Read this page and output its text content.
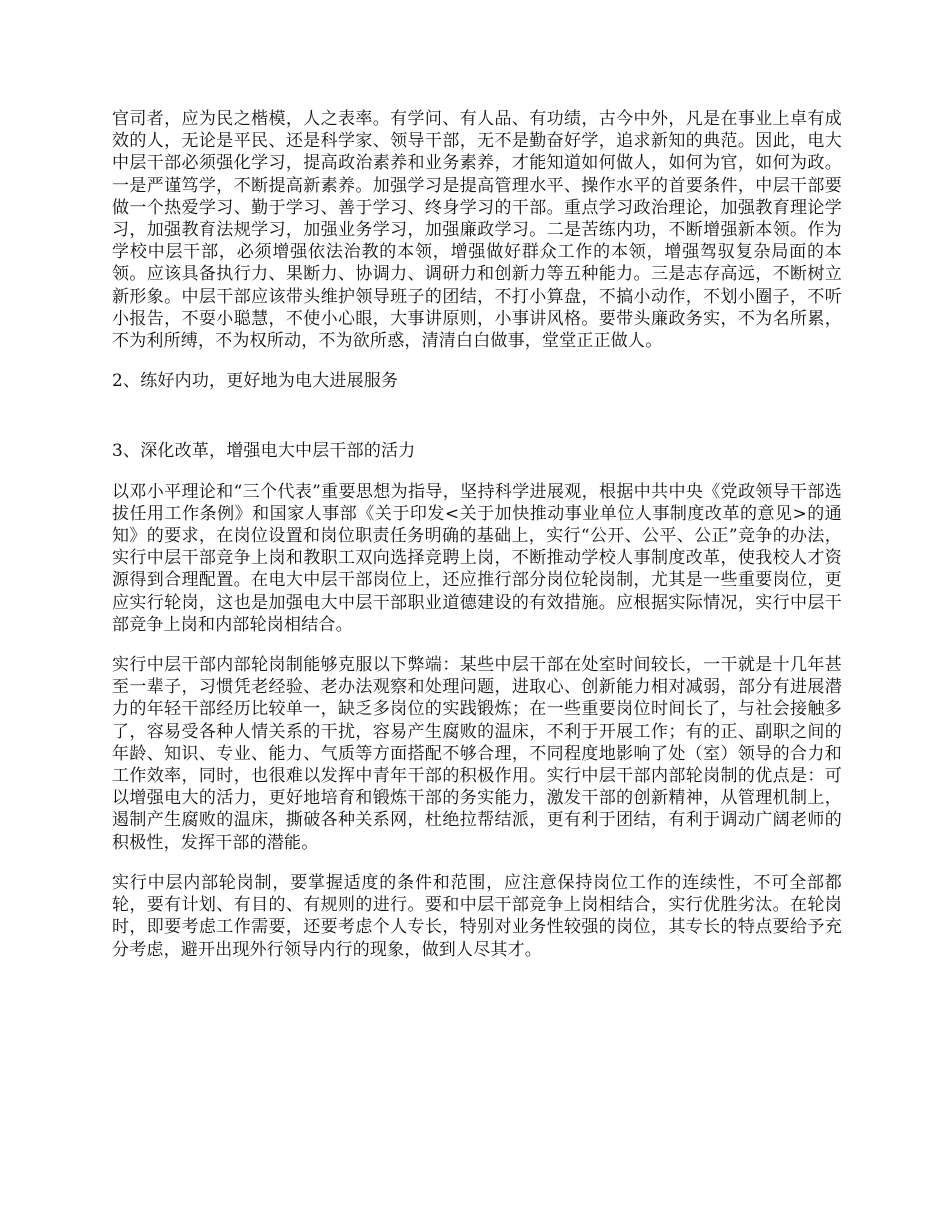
官司者，应为民之楷模，人之表率。有学问、有人品、有功绩，古今中外，凡是在事业上卓有成效的人，无论是平民、还是科学家、领导干部，无不是勤奋好学，追求新知的典范。因此，电大中层干部必须强化学习，提高政治素养和业务素养，才能知道如何做人，如何为官，如何为政。一是严谨笃学，不断提高新素养。加强学习是提高管理水平、操作水平的首要条件，中层干部要做一个热爱学习、勤于学习、善于学习、终身学习的干部。重点学习政治理论，加强教育理论学习，加强教育法规学习，加强业务学习，加强廉政学习。二是苦练内功，不断增强新本领。作为学校中层干部，必须增强依法治教的本领，增强做好群众工作的本领，增强驾驭复杂局面的本领。应该具备执行力、果断力、协调力、调研力和创新力等五种能力。三是志存高远，不断树立新形象。中层干部应该带头维护领导班子的团结，不打小算盘，不搞小动作，不划小圈子，不听小报告，不耍小聪慧，不使小心眼，大事讲原则，小事讲风格。要带头廉政务实，不为名所累，不为利所缚，不为权所动，不为欲所惑，清清白白做事，堂堂正正做人。

2、练好内功，更好地为电大进展服务

3、深化改革，增强电大中层干部的活力

以邓小平理论和“三个代表”重要思想为指导，坚持科学进展观，根据中共中央《党政领导干部选拔任用工作条例》和国家人事部《关于印发<关于加快推动事业单位人事制度改革的意见>的通知》的要求，在岗位设置和岗位职责任务明确的基础上，实行“公开、公平、公正”竞争的办法，实行中层干部竞争上岗和教职工双向选择竞聘上岗，不断推动学校人事制度改革，使我校人才资源得到合理配置。在电大中层干部岗位上，还应推行部分岗位轮岗制，尤其是一些重要岗位，更应实行轮岗，这也是加强电大中层干部职业道德建设的有效措施。应根据实际情况，实行中层干部竞争上岗和内部轮岗相结合。

实行中层干部内部轮岗制能够克服以下弊端：某些中层干部在处室时间较长，一干就是十几年甚至一辈子，习惯凭老经验、老办法观察和处理问题，进取心、创新能力相对减弱，部分有进展潜力的年轻干部经历比较单一，缺乏多岗位的实践锻炼；在一些重要岗位时间长了，与社会接触多了，容易受各种人情关系的干扰，容易产生腐败的温床，不利于开展工作；有的正、副职之间的年龄、知识、专业、能力、气质等方面搭配不够合理，不同程度地影响了处（室）领导的合力和工作效率，同时，也很难以发挥中青年干部的积极作用。实行中层干部内部轮岗制的优点是：可以增强电大的活力，更好地培育和锻炼干部的务实能力，激发干部的创新精神，从管理机制上，遏制产生腐败的温床，撕破各种关系网，杜绝拉帮结派，更有利于团结，有利于调动广阔老师的积极性，发挥干部的潜能。

实行中层内部轮岗制，要掌握适度的条件和范围，应注意保持岗位工作的连续性，不可全部都轮，要有计划、有目的、有规则的进行。要和中层干部竞争上岗相结合，实行优胜劣汰。在轮岗时，即要考虑工作需要，还要考虑个人专长，特别对业务性较强的岗位，其专长的特点要给予充分考虑，避开出现外行领导内行的现象，做到人尽其才。
